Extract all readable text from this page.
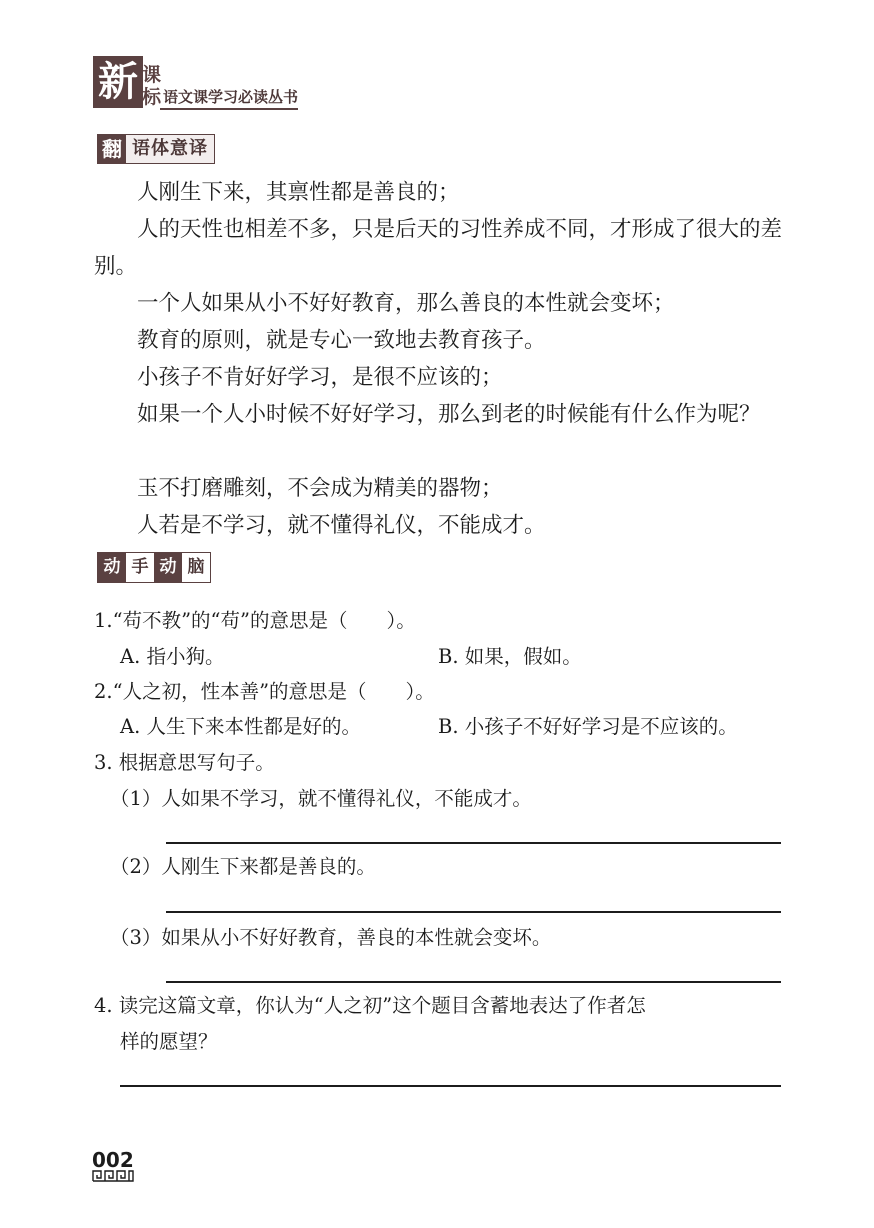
新 课
标 语文课学习必读丛书
翻 语体意译
人刚生下来，其禀性都是善良的；
人的天性也相差不多，只是后天的习性养成不同，才形成了很大的差别。
一个人如果从小不好好教育，那么善良的本性就会变坏；
教育的原则，就是专心一致地去教育孩子。
小孩子不肯好好学习，是很不应该的；
如果一个人小时候不好好学习，那么到老的时候能有什么作为呢？
玉不打磨雕刻，不会成为精美的器物；
人若是不学习，就不懂得礼仪，不能成才。
动 手 动 脑
1.“苟不教”的“苟”的意思是（　　）。
A. 指小狗。	B. 如果，假如。
2.“人之初，性本善”的意思是（　　）。
A. 人生下来本性都是好的。	B. 小孩子不好好学习是不应该的。
3. 根据意思写句子。
（1）人如果不学习，就不懂得礼仪，不能成才。
（2）人刚生下来都是善良的。
（3）如果从小不好好教育，善良的本性就会变坏。
4. 读完这篇文章，你认为“人之初”这个题目含蓄地表达了作者怎
样的愿望？
002
